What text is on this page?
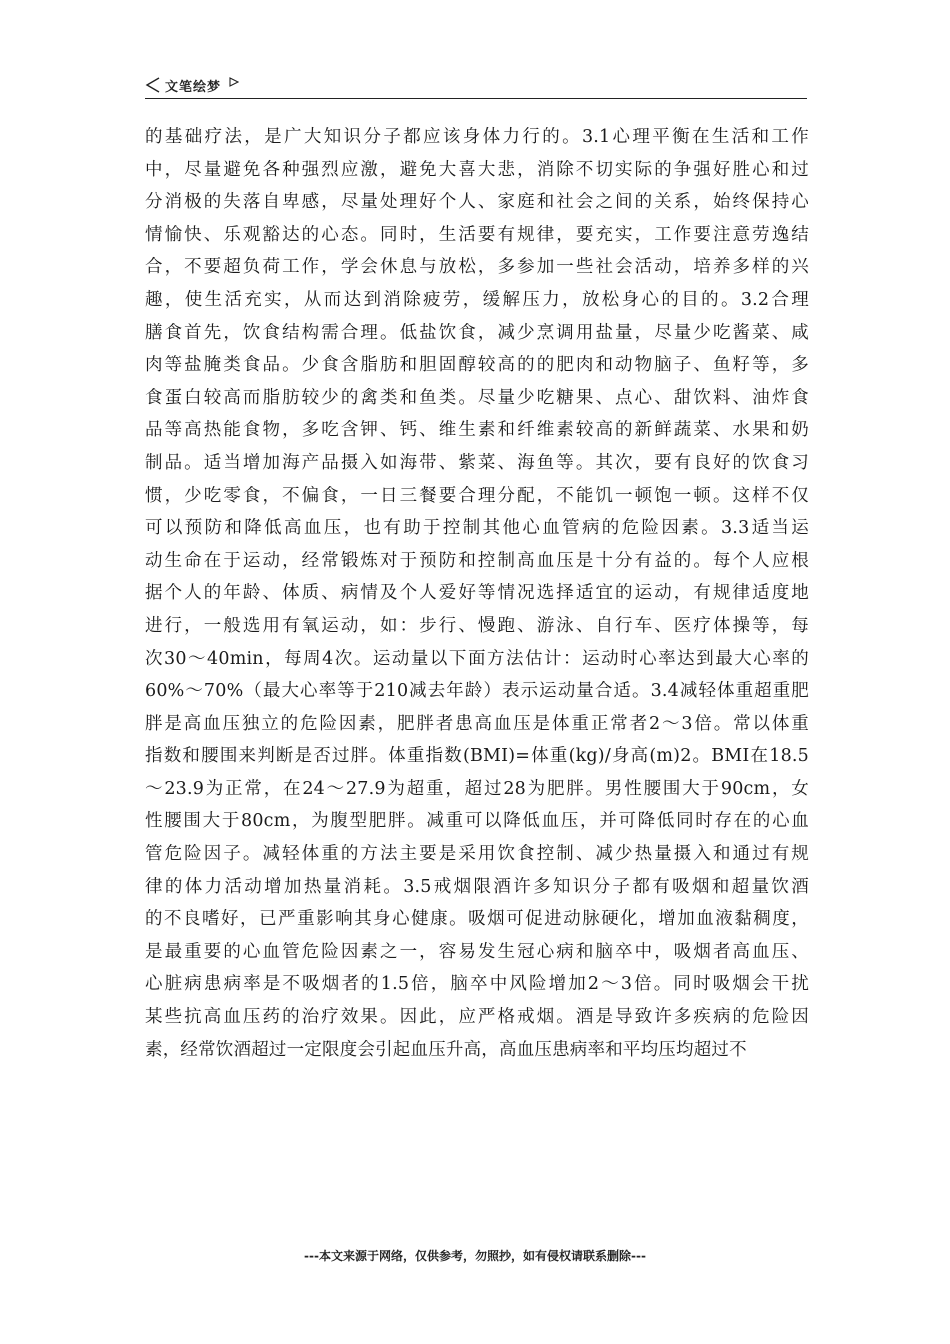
文笔绘梦
的基础疗法，是广大知识分子都应该身体力行的。3.1心理平衡在生活和工作
中，尽量避免各种强烈应激，避免大喜大悲，消除不切实际的争强好胜心和过
分消极的失落自卑感，尽量处理好个人、家庭和社会之间的关系，始终保持心
情愉快、乐观豁达的心态。同时，生活要有规律，要充实，工作要注意劳逸结
合，不要超负荷工作，学会休息与放松，多参加一些社会活动，培养多样的兴
趣，使生活充实，从而达到消除疲劳，缓解压力，放松身心的目的。3.2合理
膳食首先，饮食结构需合理。低盐饮食，减少烹调用盐量，尽量少吃酱菜、咸
肉等盐腌类食品。少食含脂肪和胆固醇较高的的肥肉和动物脑子、鱼籽等，多
食蛋白较高而脂肪较少的禽类和鱼类。尽量少吃糖果、点心、甜饮料、油炸食
品等高热能食物，多吃含钾、钙、维生素和纤维素较高的新鲜蔬菜、水果和奶
制品。适当增加海产品摄入如海带、紫菜、海鱼等。其次，要有良好的饮食习
惯，少吃零食，不偏食，一日三餐要合理分配，不能饥一顿饱一顿。这样不仅
可以预防和降低高血压，也有助于控制其他心血管病的危险因素。3.3适当运
动生命在于运动，经常锻炼对于预防和控制高血压是十分有益的。每个人应根
据个人的年龄、体质、病情及个人爱好等情况选择适宜的运动，有规律适度地
进行，一般选用有氧运动，如：步行、慢跑、游泳、自行车、医疗体操等，每
次30～40min，每周4次。运动量以下面方法估计：运动时心率达到最大心率的
60%～70%（最大心率等于210减去年龄）表示运动量合适。3.4减轻体重超重肥
胖是高血压独立的危险因素，肥胖者患高血压是体重正常者2～3倍。常以体重
指数和腰围来判断是否过胖。体重指数(BMI)=体重(kg)/身高(m)2。BMI在18.5
～23.9为正常，在24～27.9为超重，超过28为肥胖。男性腰围大于90cm，女
性腰围大于80cm，为腹型肥胖。减重可以降低血压，并可降低同时存在的心血
管危险因子。减轻体重的方法主要是采用饮食控制、减少热量摄入和通过有规
律的体力活动增加热量消耗。3.5戒烟限酒许多知识分子都有吸烟和超量饮酒
的不良嗜好，已严重影响其身心健康。吸烟可促进动脉硬化，增加血液黏稠度，
是最重要的心血管危险因素之一，容易发生冠心病和脑卒中，吸烟者高血压、
心脏病患病率是不吸烟者的1.5倍，脑卒中风险增加2～3倍。同时吸烟会干扰
某些抗高血压药的治疗效果。因此，应严格戒烟。酒是导致许多疾病的危险因
素，经常饮酒超过一定限度会引起血压升高，高血压患病率和平均压均超过不
---本文来源于网络，仅供参考，勿照抄，如有侵权请联系删除---
